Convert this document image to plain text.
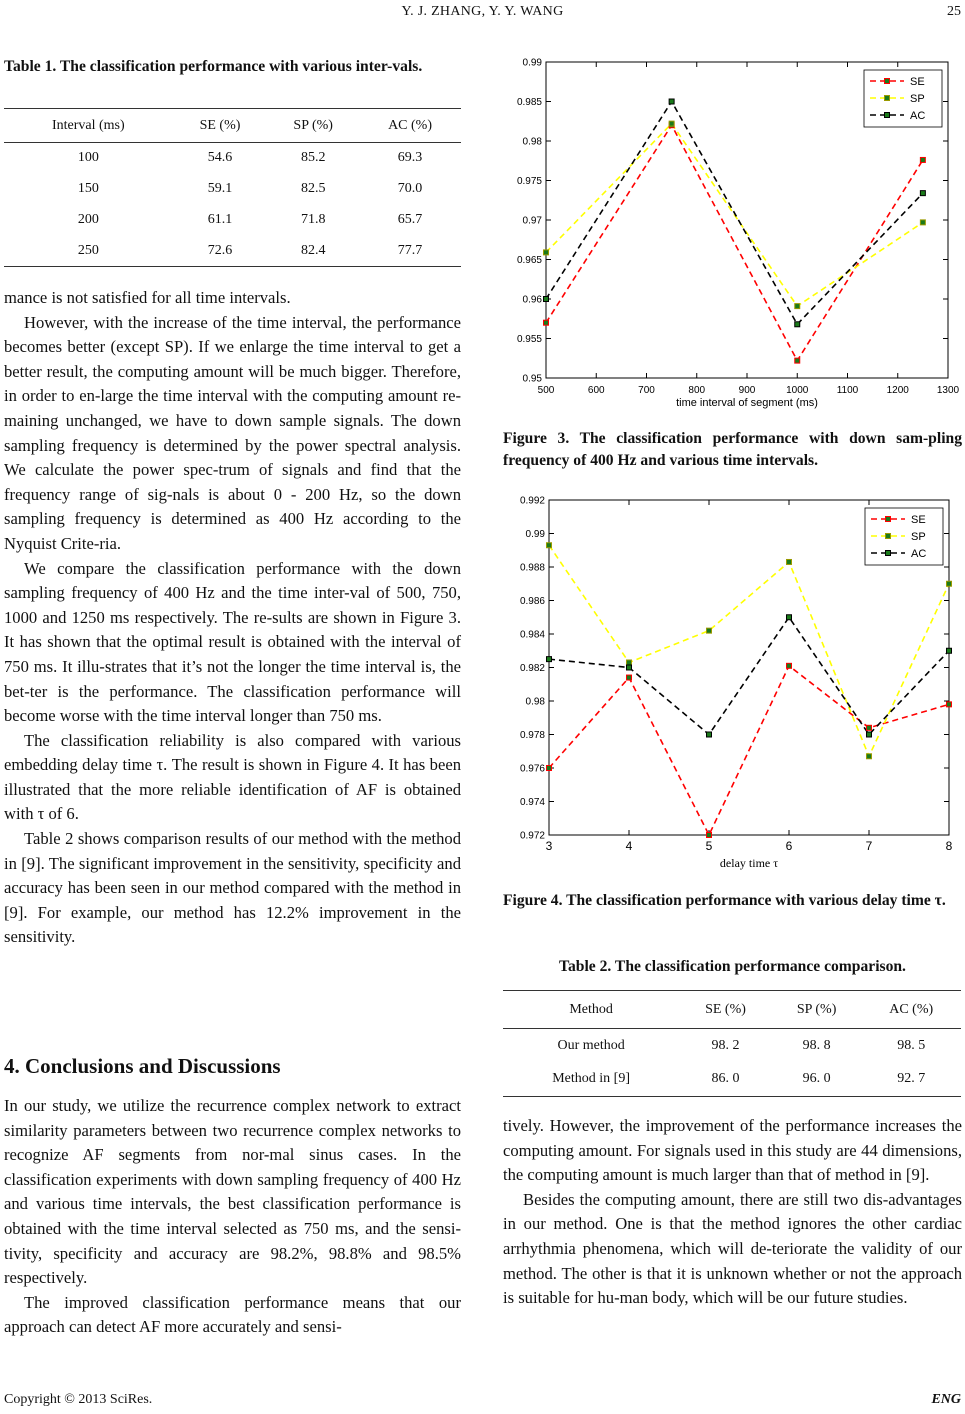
Y. J. ZHANG, Y. Y. WANG	25
Table 1. The classification performance with various inter-vals.
Interval (ms)	SE (%)	SP (%)	AC (%)
100	54.6	85.2	69.3
150	59.1	82.5	70.0
200	61.1	71.8	65.7
250	72.6	82.4	77.7

mance is not satisfied for all time intervals.

However, with the increase of the time interval, the performance becomes better (except SP). If we enlarge the time interval to get a better result, the computing amount will be much bigger. Therefore, in order to en-large the time interval with the computing amount re-maining unchanged, we have to down sample signals. The down sampling frequency is determined by the power spectral analysis. We calculate the power spec-trum of signals and find that the frequency range of sig-nals is about 0 - 200 Hz, so the down sampling frequency is determined as 400 Hz according to the Nyquist Crite-ria.

We compare the classification performance with the down sampling frequency of 400 Hz and the time inter-val of 500, 750, 1000 and 1250 ms respectively. The re-sults are shown in Figure 3. It has shown that the optimal result is obtained with the interval of 750 ms. It illu-strates that it’s not the longer the time interval is, the bet-ter is the performance. The classification performance will become worse with the time interval longer than 750 ms.

The classification reliability is also compared with various embedding delay time τ. The result is shown in Figure 4. It has been illustrated that the more reliable identification of AF is obtained with τ of 6.

Table 2 shows comparison results of our method with the method in [9]. The significant improvement in the sensitivity, specificity and accuracy has been seen in our method compared with the method in [9]. For example, our method has 12.2% improvement in the sensitivity.

4. Conclusions and Discussions

In our study, we utilize the recurrence complex network to extract similarity parameters between two recurrence complex networks to recognize AF segments from nor-mal sinus cases. In the classification experiments with down sampling frequency of 400 Hz and various time intervals, the best classification performance is obtained with the time interval selected as 750 ms, and the sensi-tivity, specificity and accuracy are 98.2%, 98.8% and 98.5% respectively.

The improved classification performance means that our approach can detect AF more accurately and sensi-

500	600	700	800	900	1000	1100	1200	1300
0.95
0.955
0.96
0.965
0.97
0.975
0.98
0.985
0.99
time interval of segment (ms)
SE
SP
AC
Figure 3. The classification performance with down sam-pling frequency of 400 Hz and various time intervals.
3	4	5	6	7	8
0.972
0.974
0.976
0.978
0.98
0.982
0.984
0.986
0.988
0.99
0.992
delay time τ
SE
SP
AC
Figure 4. The classification performance with various delay time τ.
Table 2. The classification performance comparison.
Method	SE (%)	SP (%)	AC (%)
Our method	98. 2	98. 8	98. 5
Method in [9]	86. 0	96. 0	92. 7

tively. However, the improvement of the performance increases the computing amount. For signals used in this study are 44 dimensions, the computing amount is much larger than that of method in [9].

Besides the computing amount, there are still two dis-advantages in our method. One is that the method ignores the other cardiac arrhythmia phenomena, which will de-teriorate the validity of our method. The other is that it is unknown whether or not the approach is suitable for hu-man body, which will be our future studies.

Copyright © 2013 SciRes.	ENG
